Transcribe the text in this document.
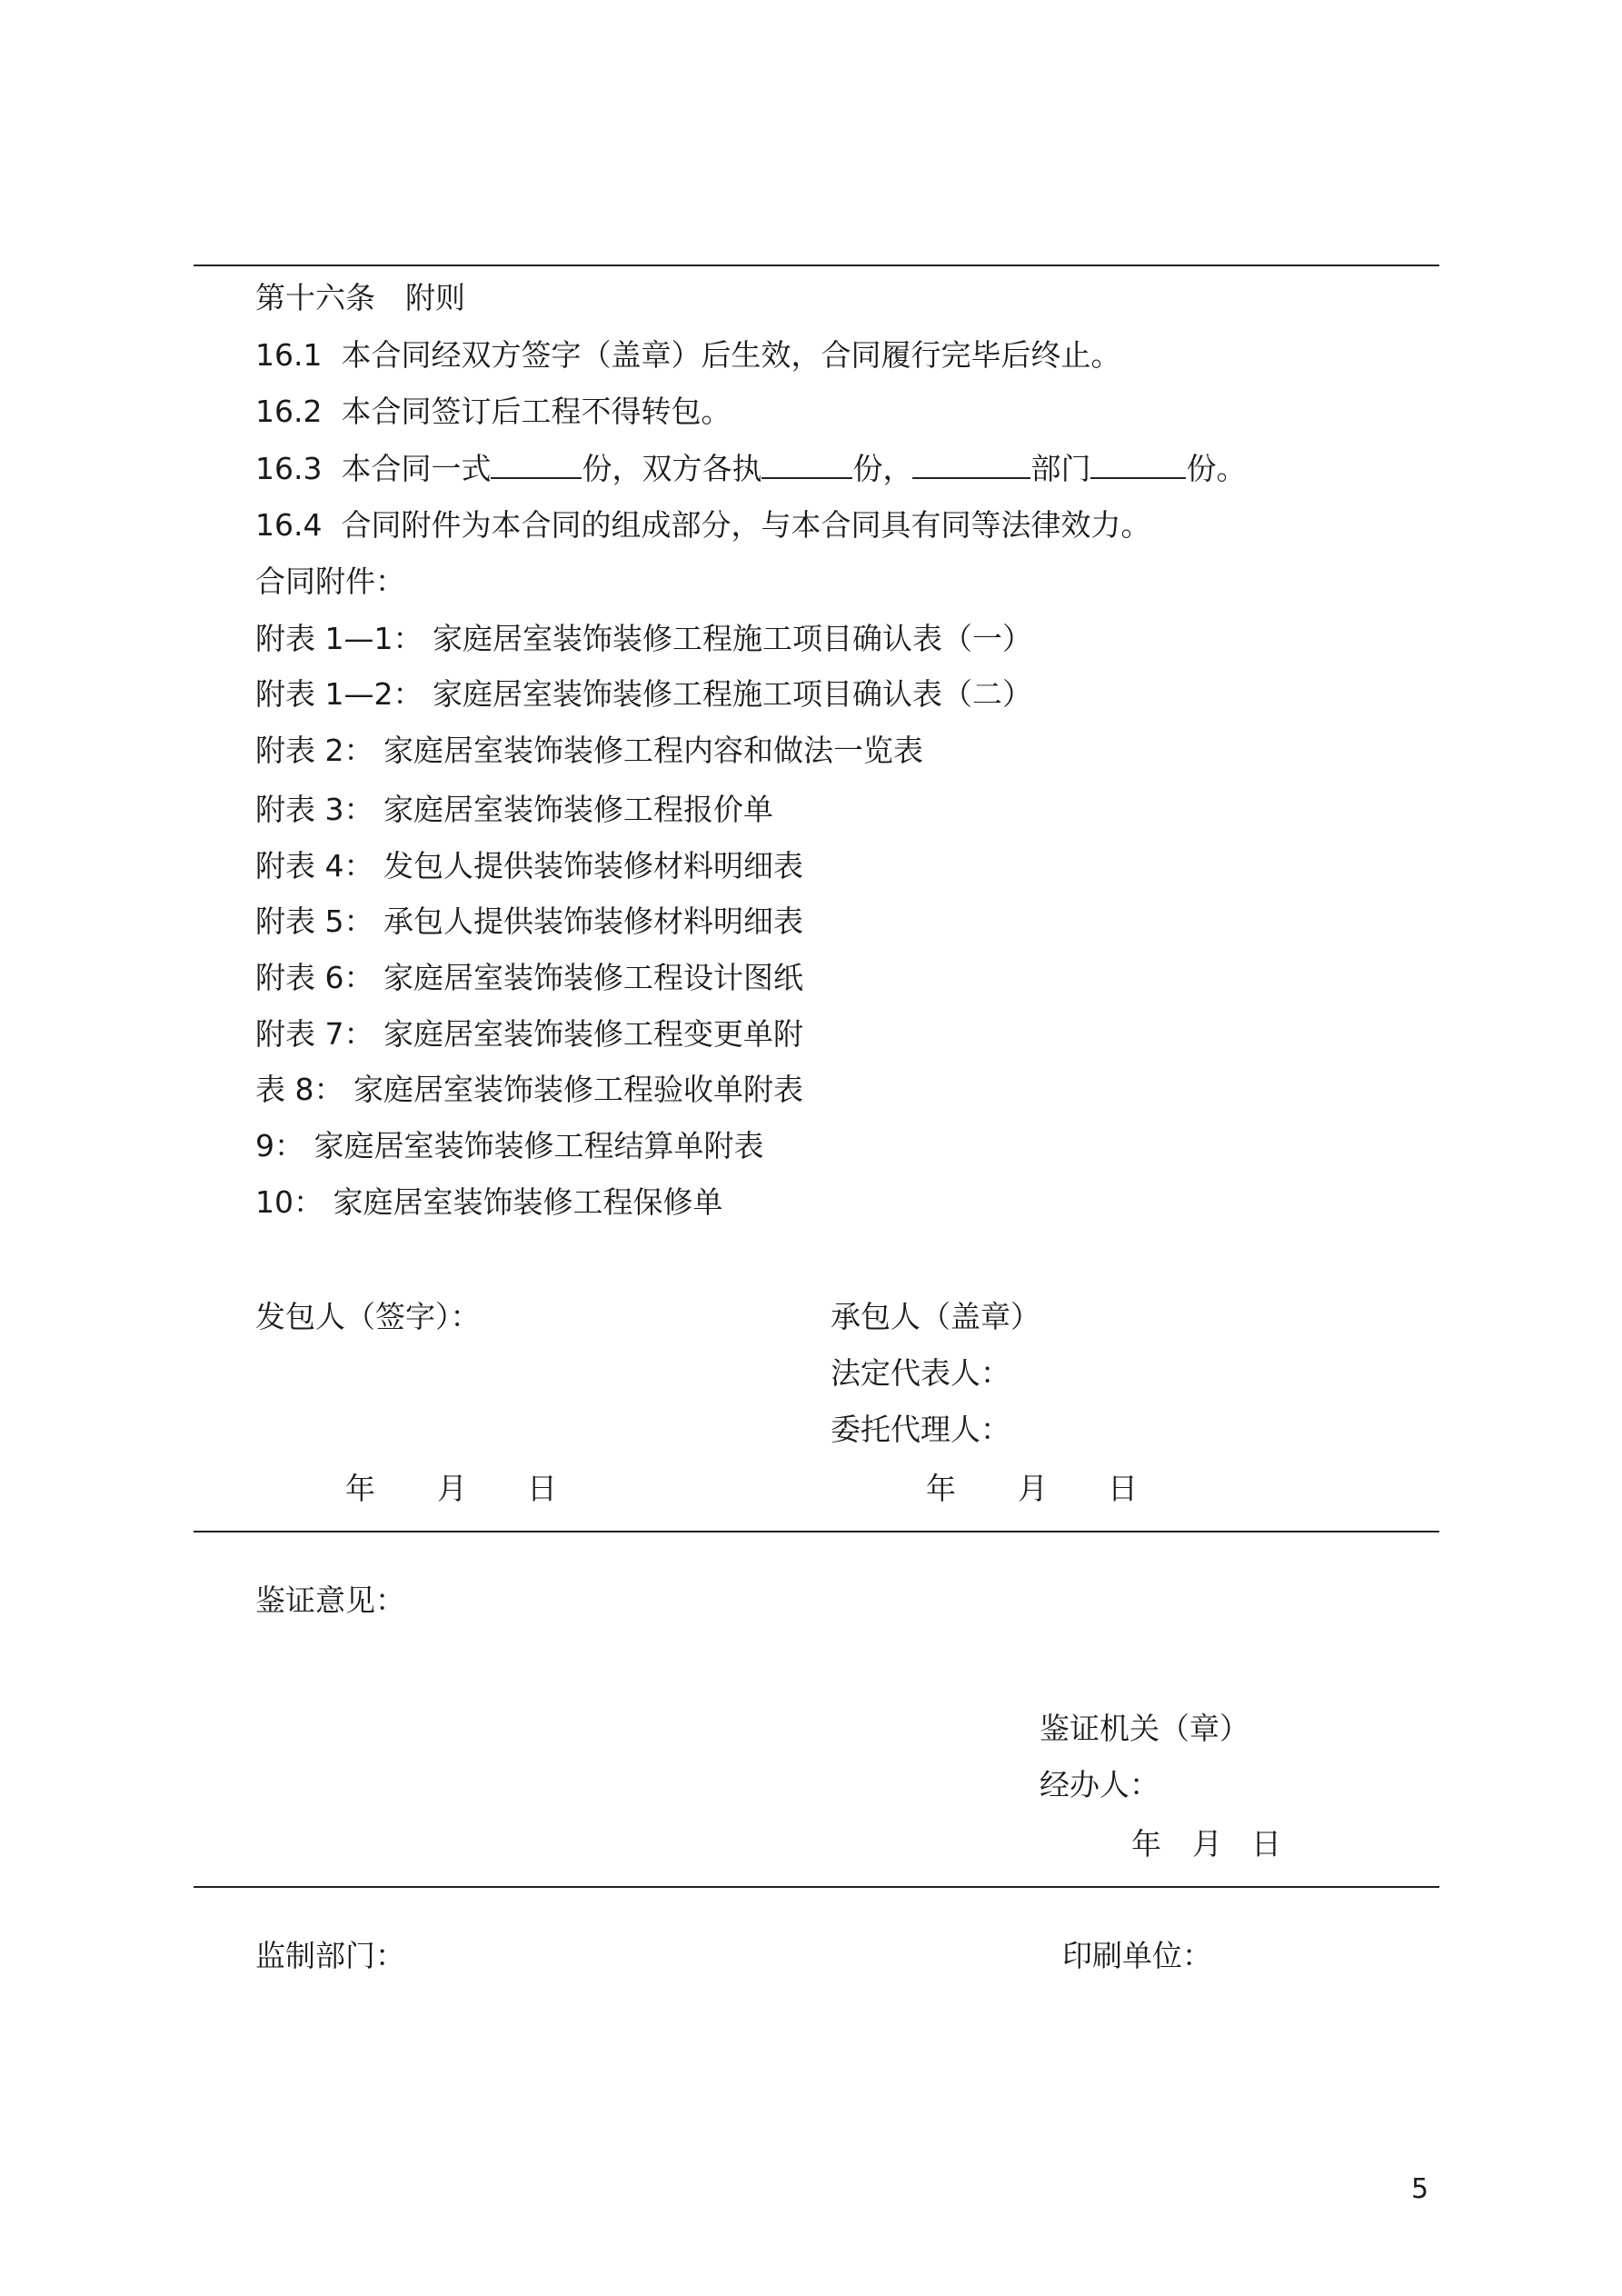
第十六条　附则
16.1 本合同经双方签字（盖章）后生效，合同履行完毕后终止。
16.2 本合同签订后工程不得转包。
16.3 本合同一式	份，双方各执	份，	部门	份。
16.4 合同附件为本合同的组成部分，与本合同具有同等法律效力。
合同附件：
附表 1—1： 家庭居室装饰装修工程施工项目确认表（一）
附表 1—2： 家庭居室装饰装修工程施工项目确认表（二）
附表 2： 家庭居室装饰装修工程内容和做法一览表
附表 3： 家庭居室装饰装修工程报价单
附表 4： 发包人提供装饰装修材料明细表
附表 5： 承包人提供装饰装修材料明细表
附表 6： 家庭居室装饰装修工程设计图纸
附表 7： 家庭居室装饰装修工程变更单附
表 8： 家庭居室装饰装修工程验收单附表
9： 家庭居室装饰装修工程结算单附表
10： 家庭居室装饰装修工程保修单
发包人（签字）：	承包人（盖章）
法定代表人：
委托代理人：
年 月 日	年 月 日
鉴证意见：
鉴证机关（章）
经办人：
年 月 日
监制部门：	印刷单位：
5
